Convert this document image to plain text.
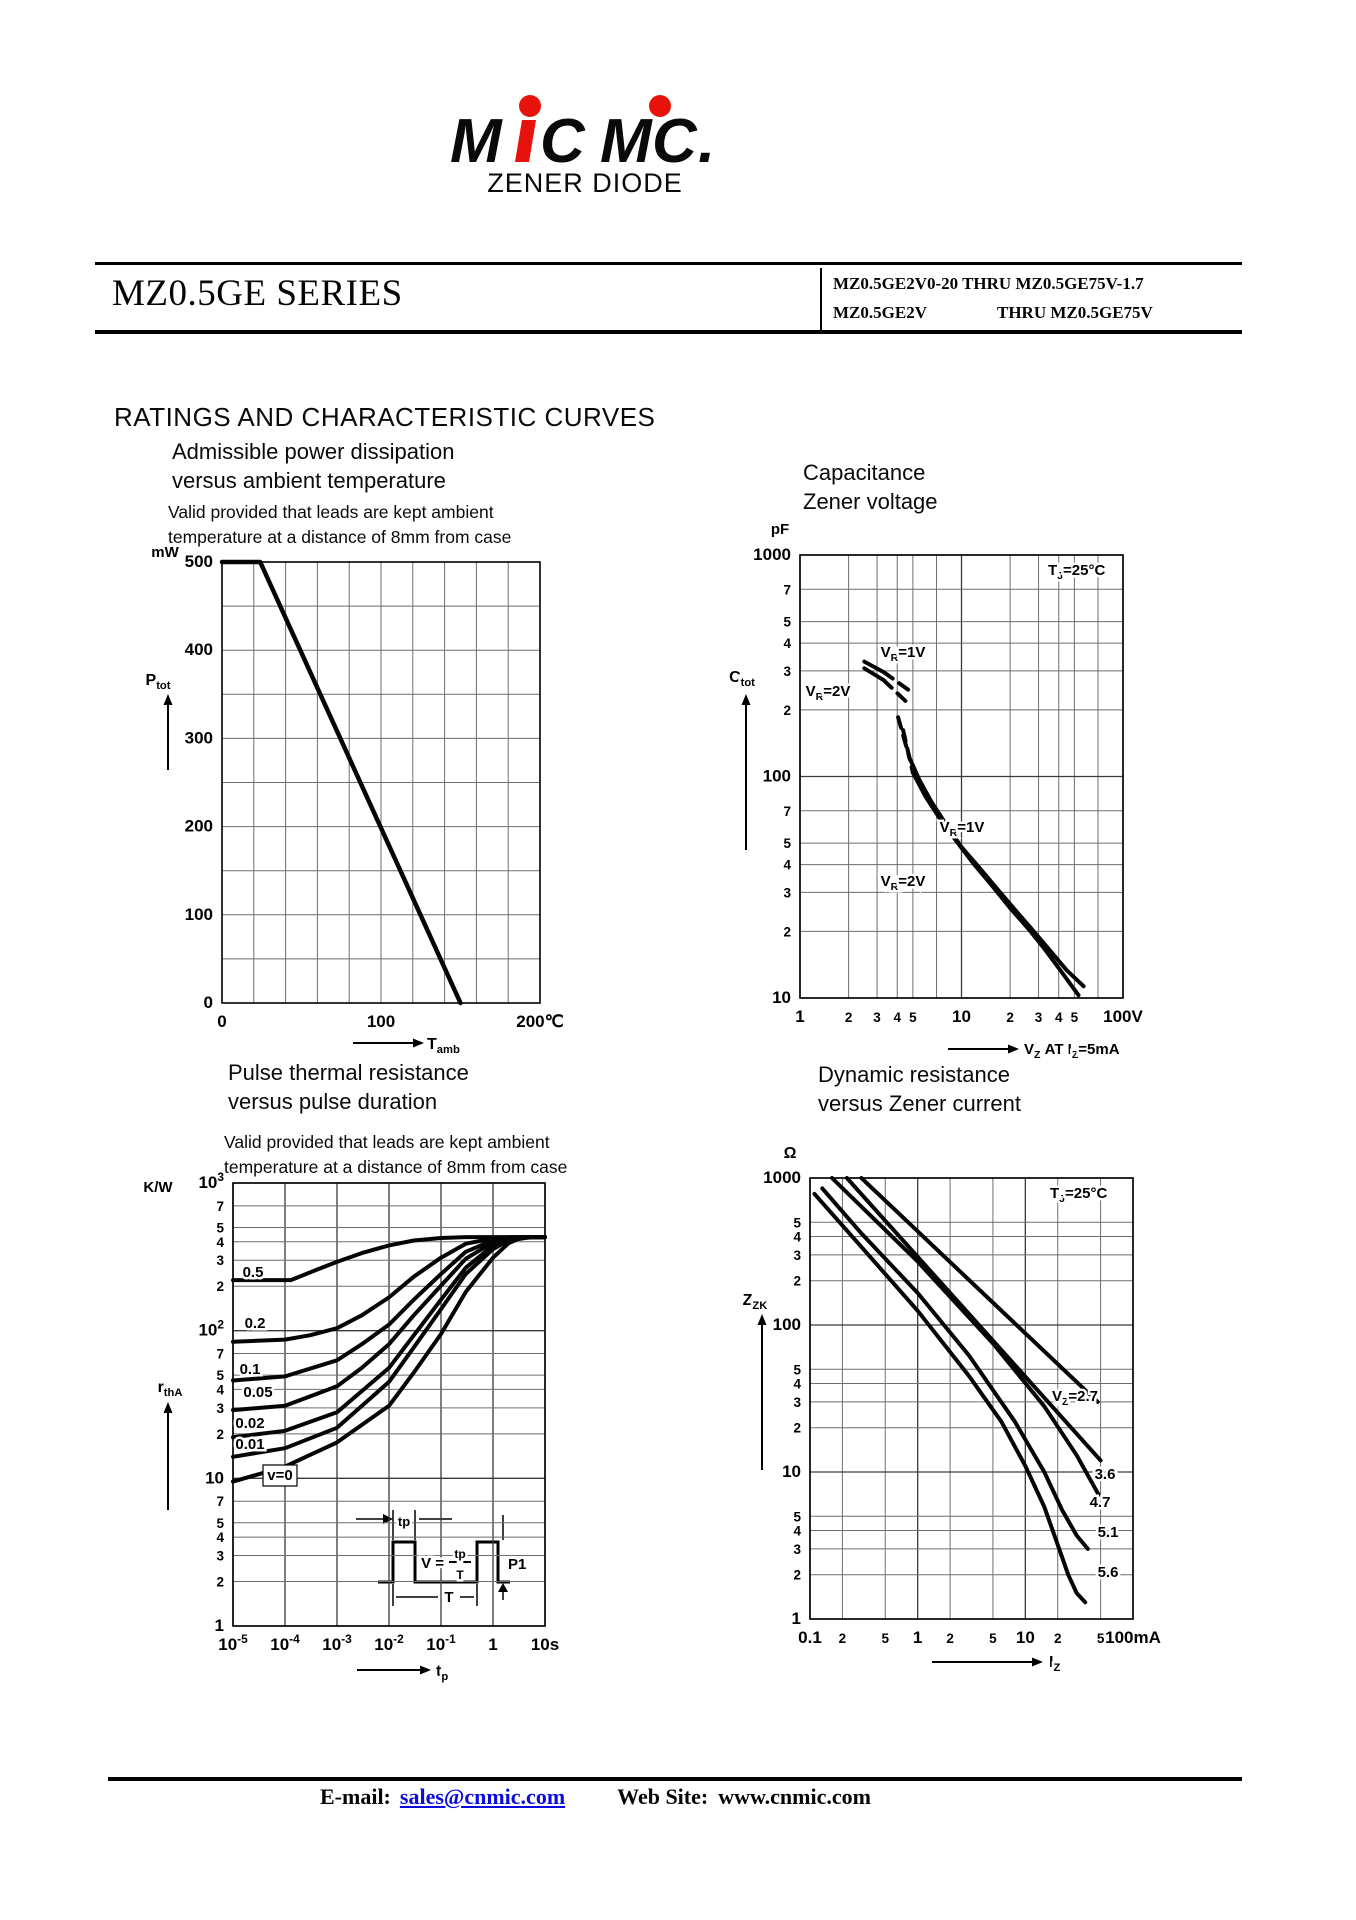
M C M C .
ZENER DIODE
MZ0.5GE SERIES	MZ0.5GE2V0-20 THRU MZ0.5GE75V-1.7
MZ0.5GE2V	THRU MZ0.5GE75V
RATINGS AND CHARACTERISTIC CURVES
Admissible power dissipation
versus ambient temperature
Valid provided that leads are kept ambient
temperature at a distance of 8mm from case
Capacitance
Zener voltage
Pulse thermal resistance
versus pulse duration
Valid provided that leads are kept ambient
temperature at a distance of 8mm from case
Dynamic resistance
versus Zener current
0
100
200
300
400
500
0	100	200℃
mW
$P_{tot}$
$T_{amb}$
1000
7
5
4
3
2
100
7
5
4
3
2
10
1	2 3 4 5 10	2 3 4 5 100V
pF
$C_{tot}$
$T_J=25^\circ C$
$V_R=1V$
$V_R=2V$
$V_R=1V$
$V_R=2V$
$V_Z$ AT $I_Z=5mA$
$10^3$
7
5
4
3
2
$10^2$
7
5
4
3
2
10
7
5
4
3
2
1
$10^{-5}$ $10^{-4}$ $10^{-3}$ $10^{-2}$ $10^{-1}$ 1 10s
K/W
$r_{thA}$
0.5
0.2
0.1
0.05
0.02
0.01
v=0
tp
V =
tp
T
P1
T
$t_p$
1000
5
4
3
2
100
5
4
3
2
10
5
4
3
2
1
0.1 2	5 1 2	5 10 2	5 100mA
Ω
$Z_{ZK}$
$T_J=25^\circ C$
$V_Z=2.7$
3.6
4.7
5.1
5.6
$I_Z$
E-mail: sales@cnmic.com Web Site: www.cnmic.com
